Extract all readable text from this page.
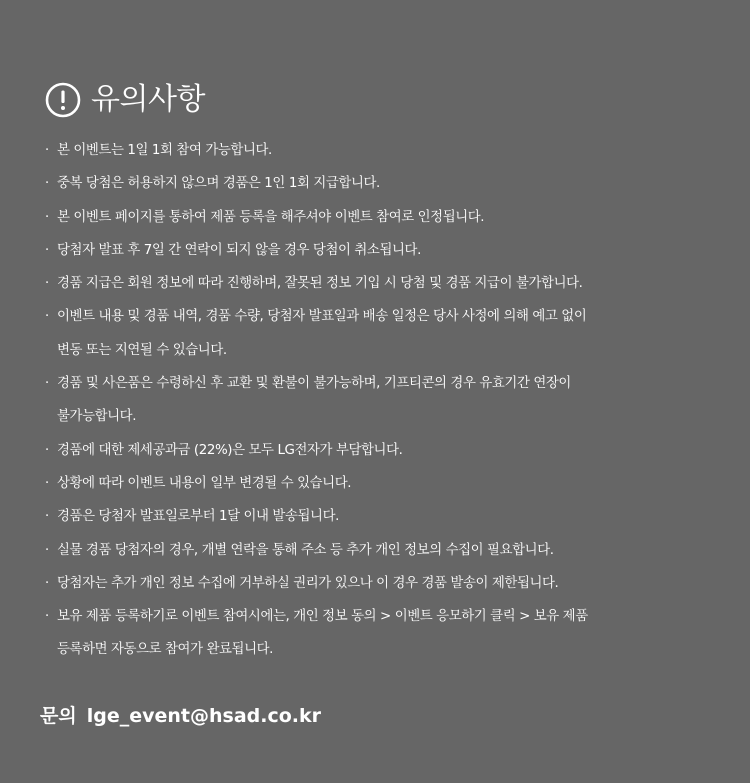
유의사항
· 본 이벤트는 1일 1회 참여 가능합니다.
· 중복 당첨은 허용하지 않으며 경품은 1인 1회 지급합니다.
· 본 이벤트 페이지를 통하여 제품 등록을 해주셔야 이벤트 참여로 인정됩니다.
· 당첨자 발표 후 7일 간 연락이 되지 않을 경우 당첨이 취소됩니다.
· 경품 지급은 회원 정보에 따라 진행하며, 잘못된 정보 기입 시 당첨 및 경품 지급이 불가합니다.
· 이벤트 내용 및 경품 내역, 경품 수량, 당첨자 발표일과 배송 일정은 당사 사정에 의해 예고 없이
변동 또는 지연될 수 있습니다.
· 경품 및 사은품은 수령하신 후 교환 및 환불이 불가능하며, 기프티콘의 경우 유효기간 연장이
불가능합니다.
· 경품에 대한 제세공과금 (22%)은 모두 LG전자가 부담합니다.
· 상황에 따라 이벤트 내용이 일부 변경될 수 있습니다.
· 경품은 당첨자 발표일로부터 1달 이내 발송됩니다.
· 실물 경품 당첨자의 경우, 개별 연락을 통해 주소 등 추가 개인 정보의 수집이 필요합니다.
· 당첨자는 추가 개인 정보 수집에 거부하실 권리가 있으나 이 경우 경품 발송이 제한됩니다.
· 보유 제품 등록하기로 이벤트 참여시에는, 개인 정보 동의 > 이벤트 응모하기 클릭 > 보유 제품
등록하면 자동으로 참여가 완료됩니다.
문의 lge_event@hsad.co.kr
